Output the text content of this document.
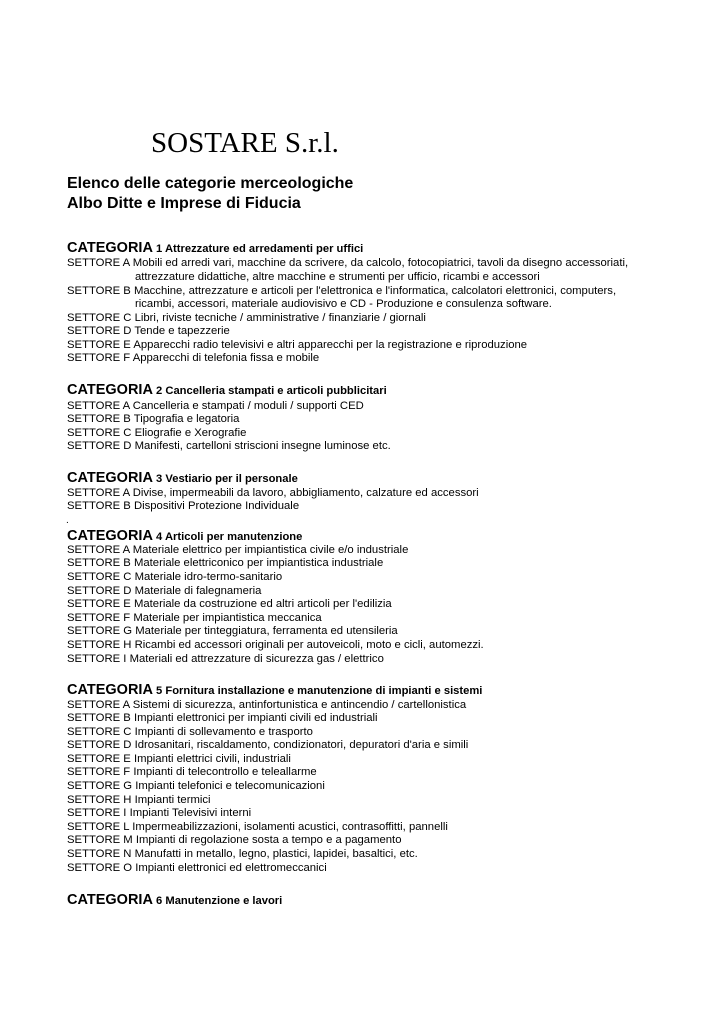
SOSTARE S.r.l.
Elenco delle categorie merceologiche
Albo Ditte e Imprese di Fiducia
CATEGORIA 1 Attrezzature ed arredamenti per uffici
SETTORE A Mobili ed arredi vari, macchine da scrivere, da calcolo, fotocopiatrici, tavoli da disegno accessoriati,
attrezzature didattiche, altre macchine e strumenti per ufficio, ricambi e accessori
SETTORE B Macchine, attrezzature e articoli per l'elettronica e l'informatica, calcolatori elettronici, computers,
ricambi, accessori, materiale audiovisivo e CD - Produzione e consulenza software.
SETTORE C Libri, riviste tecniche / amministrative / finanziarie / giornali
SETTORE D Tende e tapezzerie
SETTORE E Apparecchi radio televisivi e altri apparecchi per la registrazione e riproduzione
SETTORE F Apparecchi di telefonia fissa e mobile
CATEGORIA 2 Cancelleria stampati e articoli pubblicitari
SETTORE A Cancelleria e stampati / moduli / supporti CED
SETTORE B Tipografia e legatoria
SETTORE C Eliografie e Xerografie
SETTORE D Manifesti, cartelloni striscioni insegne luminose etc.
CATEGORIA 3 Vestiario per il personale
SETTORE A Divise, impermeabili da lavoro, abbigliamento, calzature ed accessori
SETTORE B Dispositivi Protezione Individuale
.
CATEGORIA 4 Articoli per manutenzione
SETTORE A Materiale elettrico per impiantistica civile e/o industriale
SETTORE B Materiale elettriconico per impiantistica industriale
SETTORE C Materiale idro-termo-sanitario
SETTORE D Materiale di falegnameria
SETTORE E Materiale da costruzione ed altri articoli per l'edilizia
SETTORE F Materiale per impiantistica meccanica
SETTORE G Materiale per tinteggiatura, ferramenta ed utensileria
SETTORE H Ricambi ed accessori originali per autoveicoli, moto e cicli, automezzi.
SETTORE I Materiali ed attrezzature di sicurezza gas / elettrico
CATEGORIA 5 Fornitura installazione e manutenzione di impianti e sistemi
SETTORE A Sistemi di sicurezza, antinfortunistica e antincendio / cartellonistica
SETTORE B Impianti elettronici per impianti civili ed industriali
SETTORE C Impianti di sollevamento e trasporto
SETTORE D Idrosanitari, riscaldamento, condizionatori, depuratori d'aria e simili
SETTORE E Impianti elettrici civili, industriali
SETTORE F Impianti di telecontrollo e teleallarme
SETTORE G Impianti telefonici e telecomunicazioni
SETTORE H Impianti termici
SETTORE I Impianti Televisivi interni
SETTORE L Impermeabilizzazioni, isolamenti acustici, contrasoffitti, pannelli
SETTORE M Impianti di regolazione sosta a tempo e a pagamento
SETTORE N Manufatti in metallo, legno, plastici, lapidei, basaltici, etc.
SETTORE O Impianti elettronici ed elettromeccanici
CATEGORIA 6 Manutenzione e lavori
